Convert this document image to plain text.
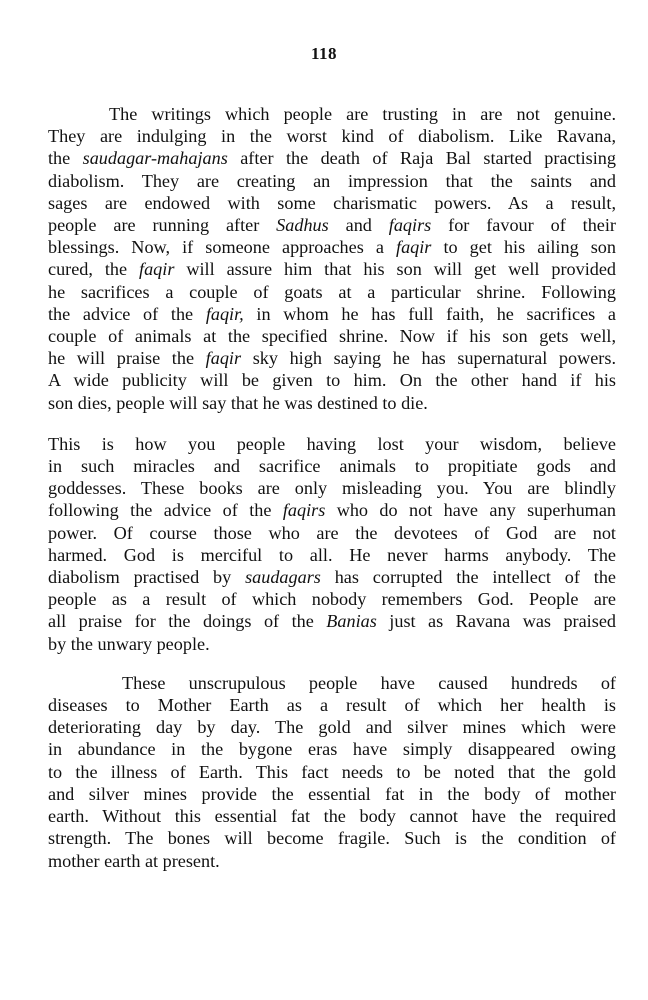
118
The writings which people are trusting in are not genuine.
They are indulging in the worst kind of diabolism. Like Ravana,
the saudagar-mahajans after the death of Raja Bal started practising
diabolism. They are creating an impression that the saints and
sages are endowed with some charismatic powers. As a result,
people are running after Sadhus and faqirs for favour of their
blessings. Now, if someone approaches a faqir to get his ailing son
cured, the faqir will assure him that his son will get well provided
he sacrifices a couple of goats at a particular shrine. Following
the advice of the faqir, in whom he has full faith, he sacrifices a
couple of animals at the specified shrine. Now if his son gets well,
he will praise the faqir sky high saying he has supernatural powers.
A wide publicity will be given to him. On the other hand if his
son dies, people will say that he was destined to die.
This is how you people having lost your wisdom, believe
in such miracles and sacrifice animals to propitiate gods and
goddesses. These books are only misleading you. You are blindly
following the advice of the faqirs who do not have any superhuman
power. Of course those who are the devotees of God are not
harmed. God is merciful to all. He never harms anybody. The
diabolism practised by saudagars has corrupted the intellect of the
people as a result of which nobody remembers God. People are
all praise for the doings of the Banias just as Ravana was praised
by the unwary people.
These unscrupulous people have caused hundreds of
diseases to Mother Earth as a result of which her health is
deteriorating day by day. The gold and silver mines which were
in abundance in the bygone eras have simply disappeared owing
to the illness of Earth. This fact needs to be noted that the gold
and silver mines provide the essential fat in the body of mother
earth. Without this essential fat the body cannot have the required
strength. The bones will become fragile. Such is the condition of
mother earth at present.
